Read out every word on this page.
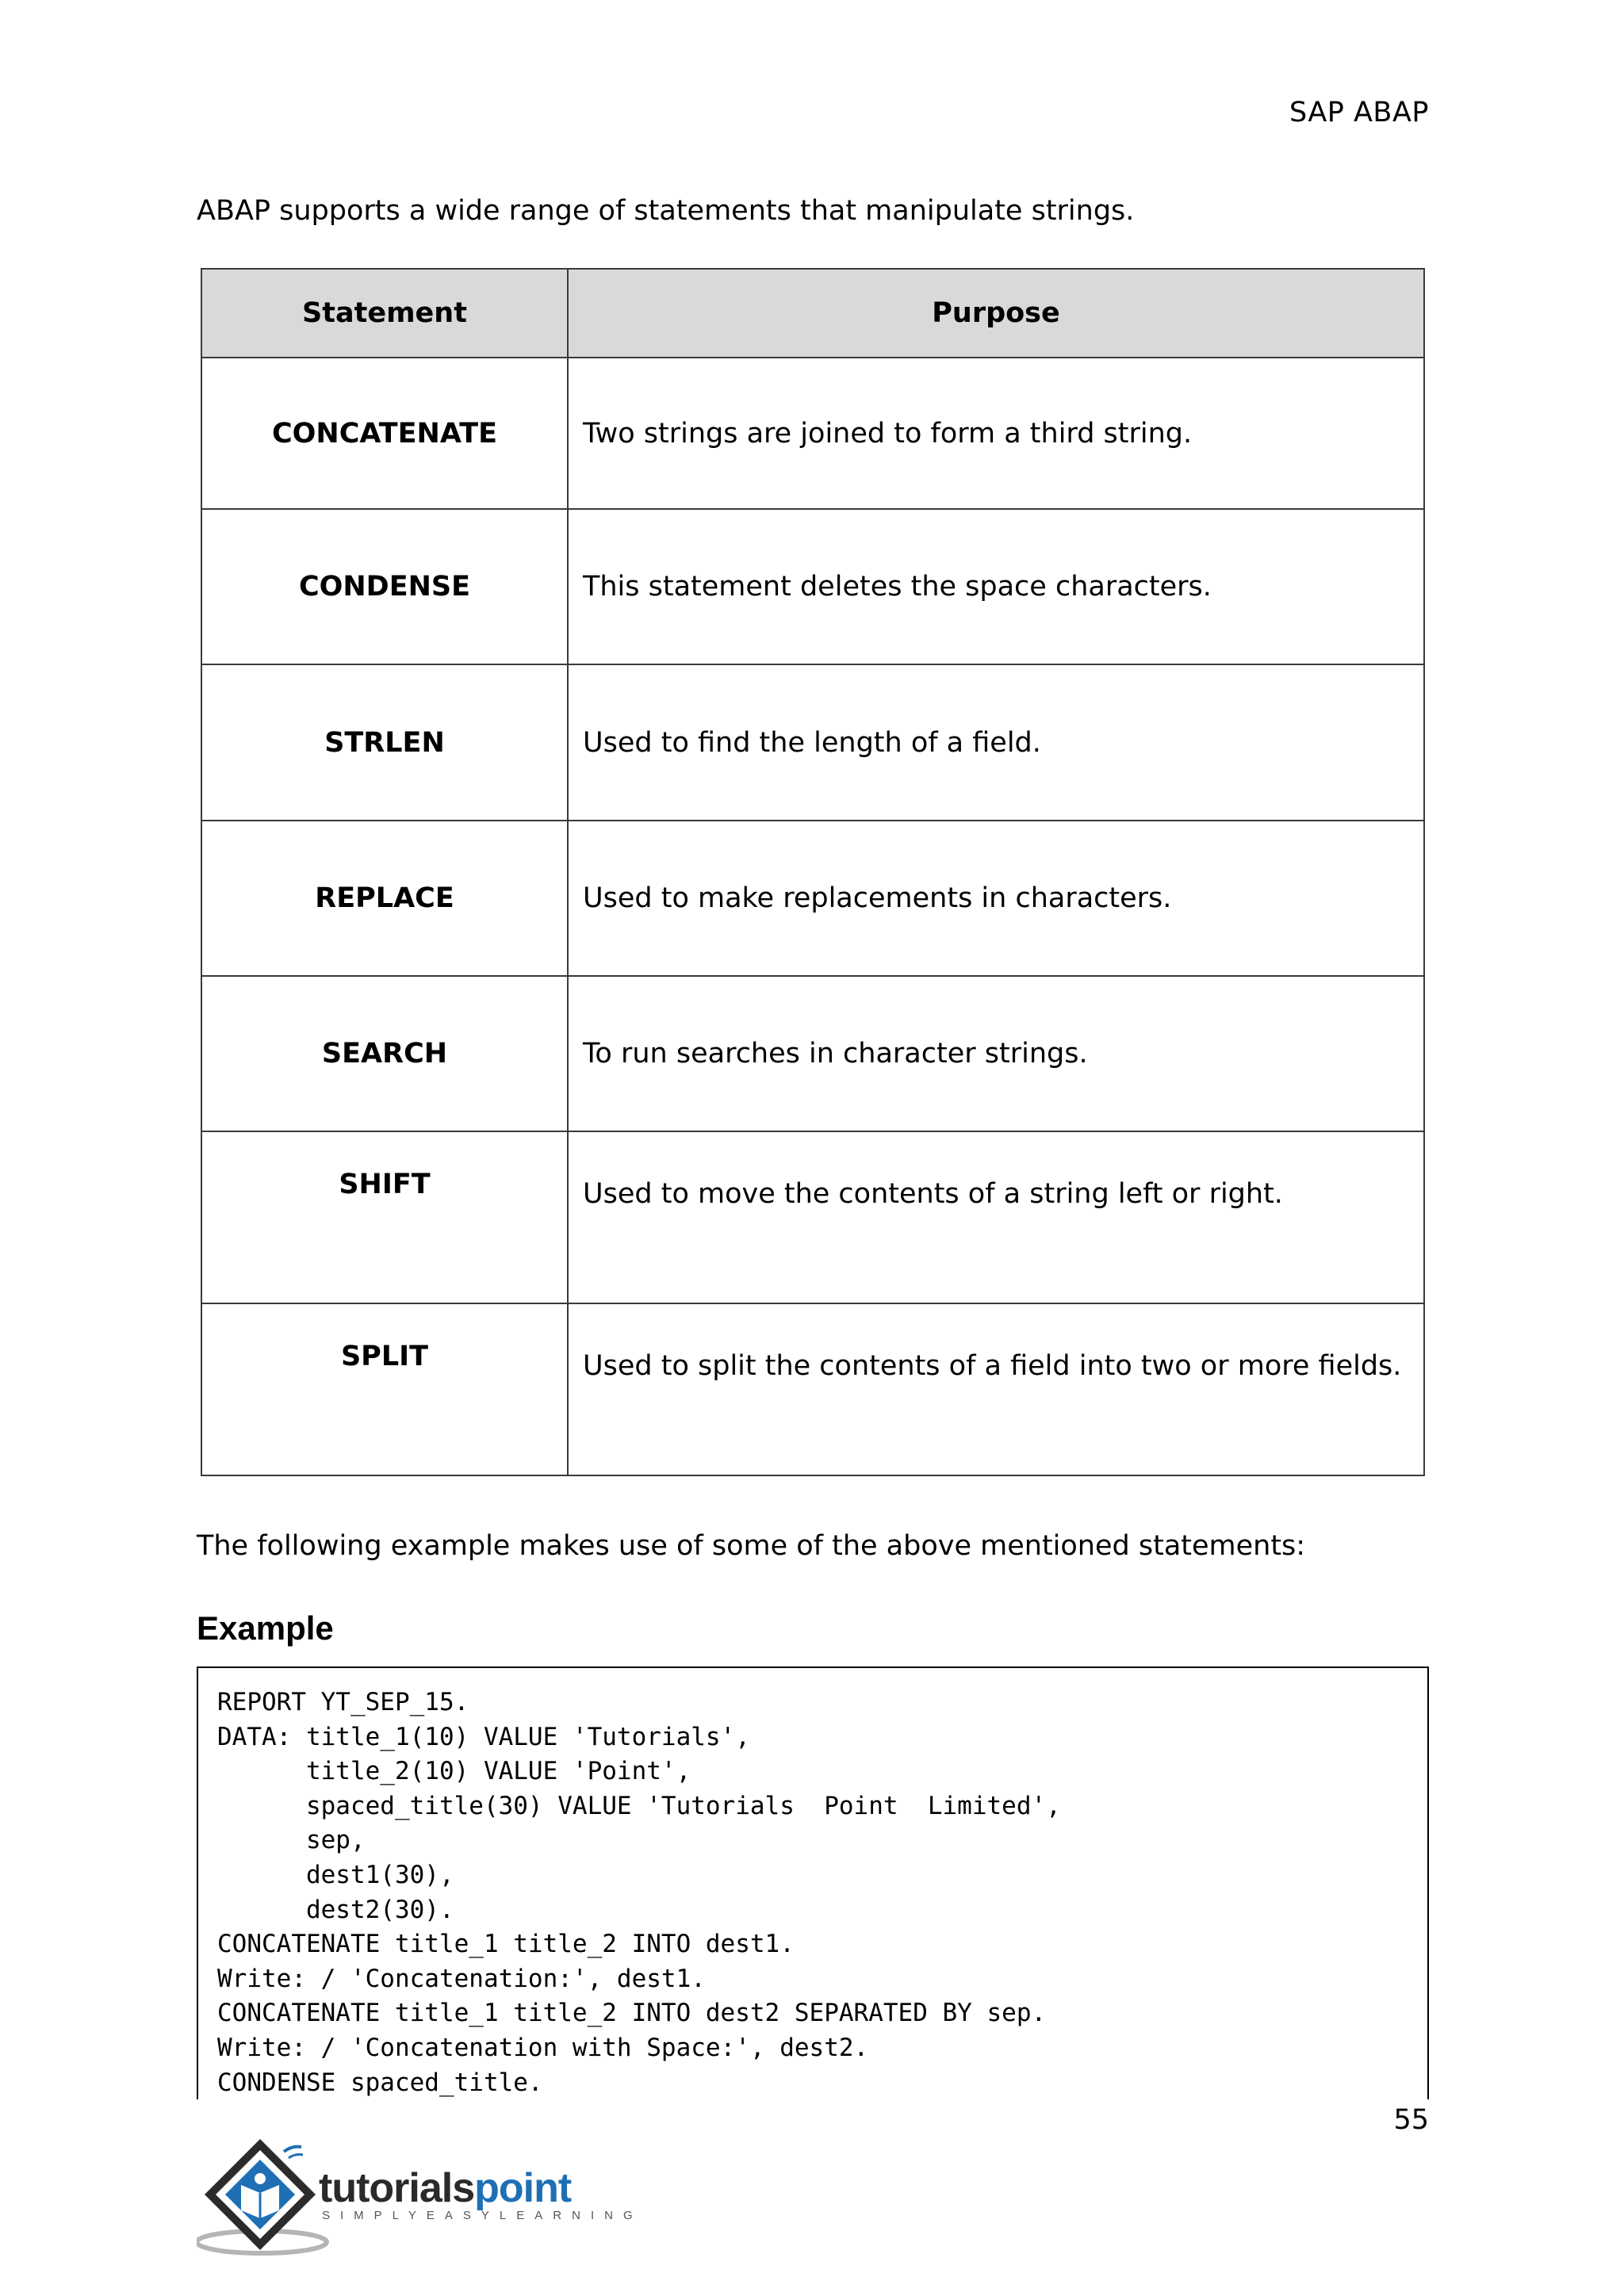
SAP ABAP
ABAP supports a wide range of statements that manipulate strings.
Statement	Purpose
CONCATENATE	Two strings are joined to form a third string.
CONDENSE	This statement deletes the space characters.
STRLEN	Used to find the length of a field.
REPLACE	Used to make replacements in characters.
SEARCH	To run searches in character strings.
SHIFT	Used to move the contents of a string left or right.
SPLIT	Used to split the contents of a field into two or more fields.
The following example makes use of some of the above mentioned statements:
Example
REPORT YT_SEP_15.
DATA: title_1(10) VALUE 'Tutorials',
title_2(10) VALUE 'Point',
spaced_title(30) VALUE 'Tutorials  Point  Limited',
sep,
dest1(30),
dest2(30).
CONCATENATE title_1 title_2 INTO dest1.
Write: / 'Concatenation:', dest1.
CONCATENATE title_1 title_2 INTO dest2 SEPARATED BY sep.
Write: / 'Concatenation with Space:', dest2.
CONDENSE spaced_title.
55
tutorialspoint
SIMPLYEASYLEARNING
